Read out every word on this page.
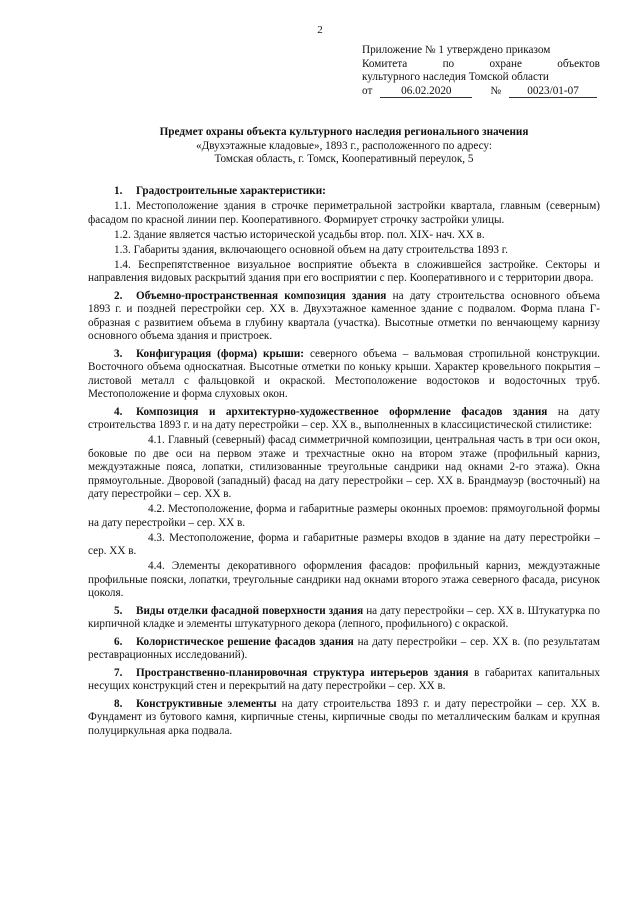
2
Приложение № 1 утверждено приказом
Комитета	по	охране	объектов
культурного наследия Томской области
от	06.02.2020	№	0023/01-07
Предмет охраны объекта культурного наследия регионального значения
«Двухэтажные кладовые», 1893 г., расположенного по адресу:
Томская область, г. Томск, Кооперативный переулок, 5

1. Градостроительные характеристики:

1.1. Местоположение здания в строчке периметральной застройки квартала, главным (северным) фасадом по красной линии пер. Кооперативного. Формирует строчку застройки улицы.

1.2. Здание является частью исторической усадьбы втор. пол. XIX- нач. XX в.

1.3. Габариты здания, включающего основной объем на дату строительства 1893 г.

1.4. Беспрепятственное визуальное восприятие объекта в сложившейся застройке. Секторы и направления видовых раскрытий здания при его восприятии с пер. Кооперативного и с территории двора.

2. Объемно-пространственная композиция здания на дату строительства основного объема 1893 г. и поздней перестройки сер. XX в. Двухэтажное каменное здание с подвалом. Форма плана Г-образная с развитием объема в глубину квартала (участка). Высотные отметки по венчающему карнизу основного объема здания и пристроек.

3. Конфигурация (форма) крыши: северного объема – вальмовая стропильной конструкции. Восточного объема односкатная. Высотные отметки по коньку крыши. Характер кровельного покрытия – листовой металл с фальцовкой и окраской. Местоположение водостоков и водосточных труб. Местоположение и форма слуховых окон.

4. Композиция и архитектурно-художественное оформление фасадов здания на дату строительства 1893 г. и на дату перестройки – сер. XX в., выполненных в классицистической стилистике:

4.1. Главный (северный) фасад симметричной композиции, центральная часть в три оси окон, боковые по две оси на первом этаже и трехчастные окно на втором этаже (профильный карниз, междуэтажные пояса, лопатки, стилизованные треугольные сандрики над окнами 2-го этажа). Окна прямоугольные. Дворовой (западный) фасад на дату перестройки – сер. XX в. Брандмауэр (восточный) на дату перестройки – сер. XX в.

4.2. Местоположение, форма и габаритные размеры оконных проемов: прямоугольной формы на дату перестройки – сер. XX в.

4.3. Местоположение, форма и габаритные размеры входов в здание на дату перестройки – сер. XX в.

4.4. Элементы декоративного оформления фасадов: профильный карниз, междуэтажные профильные пояски, лопатки, треугольные сандрики над окнами второго этажа северного фасада, рисунок цоколя.

5. Виды отделки фасадной поверхности здания на дату перестройки – сер. XX в. Штукатурка по кирпичной кладке и элементы штукатурного декора (лепного, профильного) с окраской.

6. Колористическое решение фасадов здания на дату перестройки – сер. XX в. (по результатам реставрационных исследований).

7. Пространственно-планировочная структура интерьеров здания в габаритах капитальных несущих конструкций стен и перекрытий на дату перестройки – сер. XX в.

8. Конструктивные элементы на дату строительства 1893 г. и дату перестройки – сер. XX в. Фундамент из бутового камня, кирпичные стены, кирпичные своды по металлическим балкам и крупная полуциркульная арка подвала.
